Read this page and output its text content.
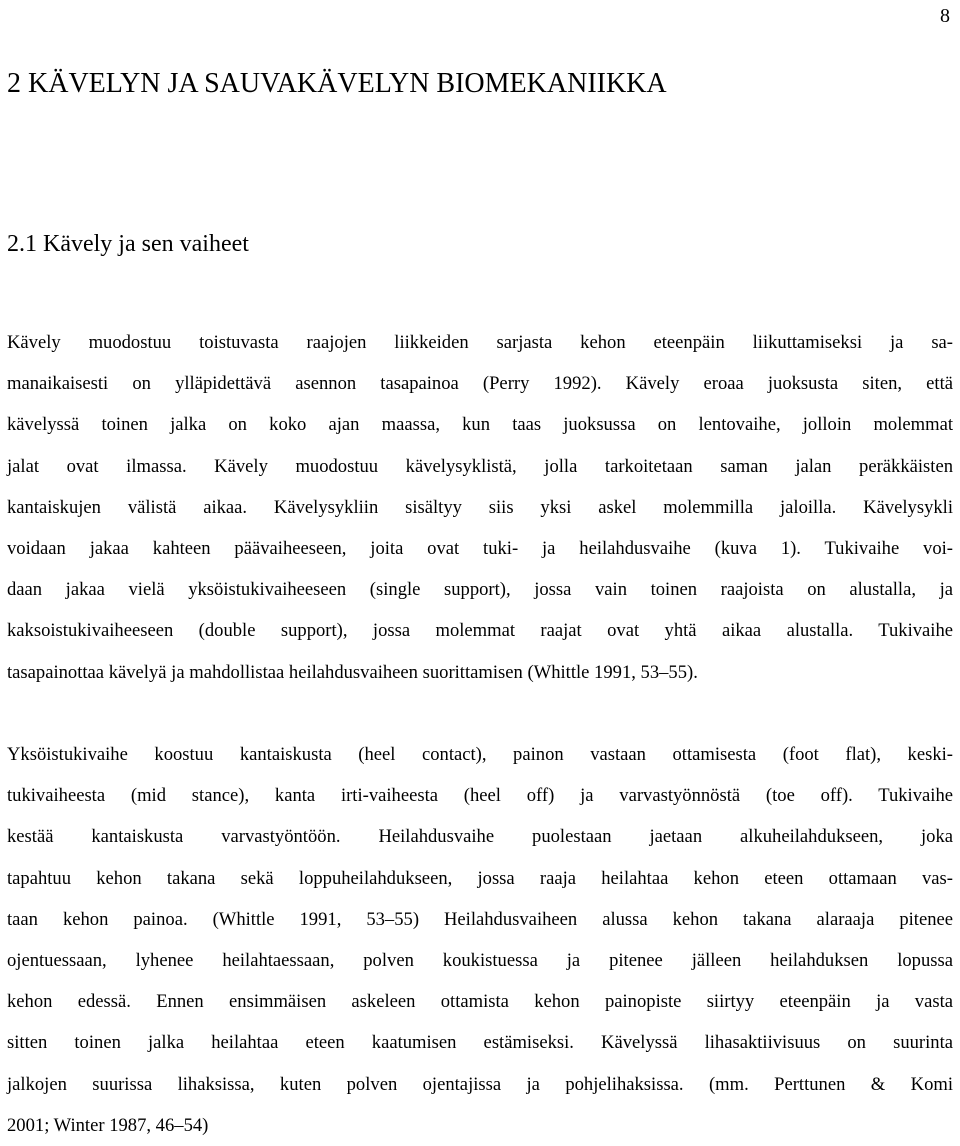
8
2 KÄVELYN JA SAUVAKÄVELYN BIOMEKANIIKKA
2.1 Kävely ja sen vaiheet
Kävely muodostuu toistuvasta raajojen liikkeiden sarjasta kehon eteenpäin liikuttamiseksi ja sa-
manaikaisesti on ylläpidettävä asennon tasapainoa (Perry 1992). Kävely eroaa juoksusta siten, että
kävelyssä toinen jalka on koko ajan maassa, kun taas juoksussa on lentovaihe, jolloin molemmat
jalat ovat ilmassa. Kävely muodostuu kävelysyklistä, jolla tarkoitetaan saman jalan peräkkäisten
kantaiskujen välistä aikaa. Kävelysykliin sisältyy siis yksi askel molemmilla jaloilla. Kävelysykli
voidaan jakaa kahteen päävaiheeseen, joita ovat tuki- ja heilahdusvaihe (kuva 1). Tukivaihe voi-
daan jakaa vielä yksöistukivaiheeseen (single support), jossa vain toinen raajoista on alustalla, ja
kaksoistukivaiheeseen (double support), jossa molemmat raajat ovat yhtä aikaa alustalla. Tukivaihe
tasapainottaa kävelyä ja mahdollistaa heilahdusvaiheen suorittamisen (Whittle 1991, 53–55).
Yksöistukivaihe koostuu kantaiskusta (heel contact), painon vastaan ottamisesta (foot flat), keski-
tukivaiheesta (mid stance), kanta irti-vaiheesta (heel off) ja varvastyönnöstä (toe off). Tukivaihe
kestää kantaiskusta varvastyöntöön. Heilahdusvaihe puolestaan jaetaan alkuheilahdukseen, joka
tapahtuu kehon takana sekä loppuheilahdukseen, jossa raaja heilahtaa kehon eteen ottamaan vas-
taan kehon painoa. (Whittle 1991, 53–55) Heilahdusvaiheen alussa kehon takana alaraaja pitenee
ojentuessaan, lyhenee heilahtaessaan, polven koukistuessa ja pitenee jälleen heilahduksen lopussa
kehon edessä. Ennen ensimmäisen askeleen ottamista kehon painopiste siirtyy eteenpäin ja vasta
sitten toinen jalka heilahtaa eteen kaatumisen estämiseksi. Kävelyssä lihasaktiivisuus on suurinta
jalkojen suurissa lihaksissa, kuten polven ojentajissa ja pohjelihaksissa. (mm. Perttunen & Komi
2001; Winter 1987, 46–54)
